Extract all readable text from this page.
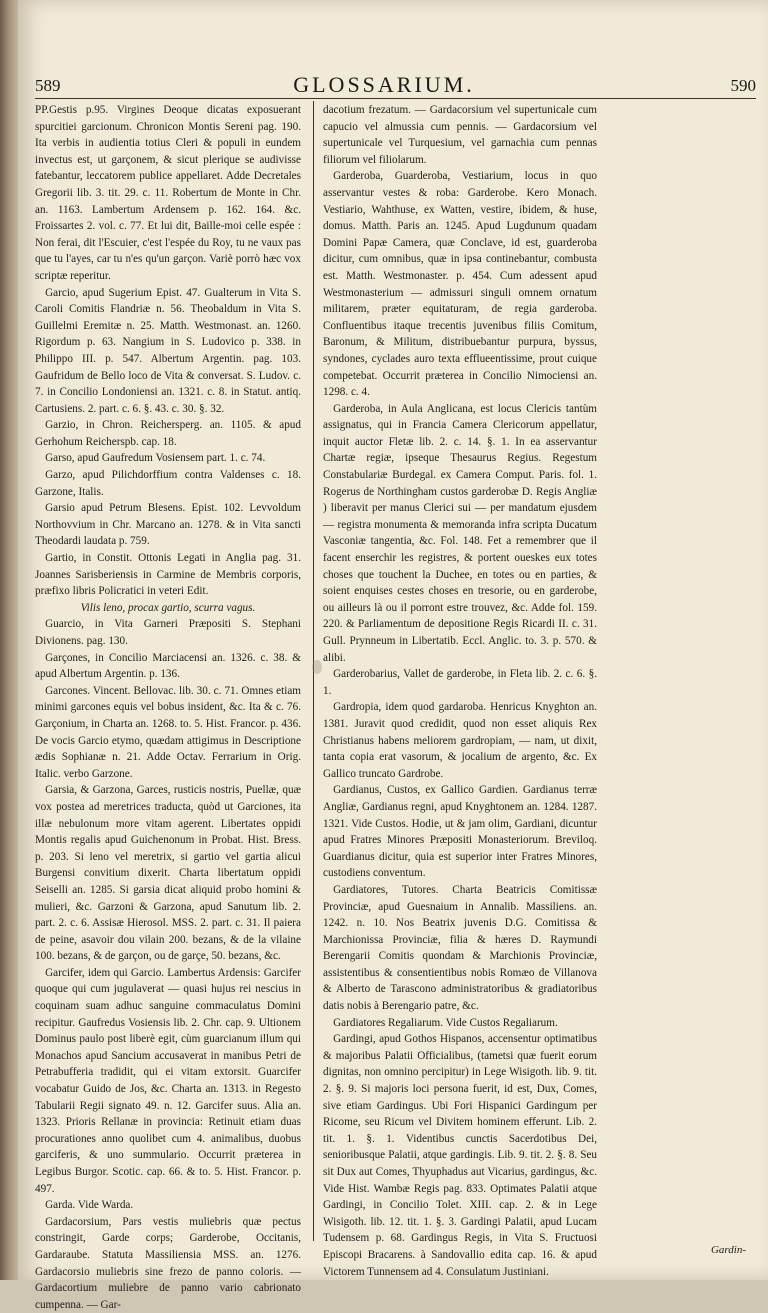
589	GLOSSARIUM.	590

PP.Gestis p.95. Virgines Deoque dicatas exposuerant spurcitiei garcionum. Chronicon Montis Sereni pag. 190. Ita verbis in audientia totius Cleri & populi in eundem invectus est, ut garçonem, & sicut plerique se audivisse fatebantur, leccatorem publice appellaret. Adde Decretales Gregorii lib. 3. tit. 29. c. 11. Robertum de Monte in Chr. an. 1163. Lambertum Ardensem p. 162. 164. &c. Froissartes 2. vol. c. 77. Et lui dit, Baille-moi celle espée : Non ferai, dit l'Escuier, c'est l'espée du Roy, tu ne vaux pas que tu l'ayes, car tu n'es qu'un garçon. Variè porrò hæc vox scriptæ reperitur.

Garcio, apud Sugerium Epist. 47. Gualterum in Vita S. Caroli Comitis Flandriæ n. 56. Theobaldum in Vita S. Guillelmi Eremitæ n. 25. Matth. Westmonast. an. 1260. Rigordum p. 63. Nangium in S. Ludovico p. 338. in Philippo III. p. 547. Albertum Argentin. pag. 103. Gaufridum de Bello loco de Vita & conversat. S. Ludov. c. 7. in Concilio Londoniensi an. 1321. c. 8. in Statut. antiq. Cartusiens. 2. part. c. 6. §. 43. c. 30. §. 32.

Garzio, in Chron. Reichersperg. an. 1105. & apud Gerhohum Reicherspb. cap. 18.

Garso, apud Gaufredum Vosiensem part. 1. c. 74.

Garzo, apud Pilichdorffium contra Valdenses c. 18. Garzone, Italis.

Garsio apud Petrum Blesens. Epist. 102. Levvoldum Northovvium in Chr. Marcano an. 1278. & in Vita sancti Theodardi laudata p. 759.

Gartio, in Constit. Ottonis Legati in Anglia pag. 31. Joannes Sarisberiensis in Carmine de Membris corporis, præfixo libris Policratici in veteri Edit.

Vilis leno, procax gartio, scurra vagus.

Guarcio, in Vita Garneri Præpositi S. Stephani Divionens. pag. 130.

Garçones, in Concilio Marciacensi an. 1326. c. 38. & apud Albertum Argentin. p. 136.

Garcones. Vincent. Bellovac. lib. 30. c. 71. Omnes etiam minimi garcones equis vel bobus insident, &c. Ita & c. 76. Garçonium, in Charta an. 1268. to. 5. Hist. Francor. p. 436. De vocis Garcio etymo, quædam attigimus in Descriptione ædis Sophianæ n. 21. Adde Octav. Ferrarium in Orig. Italic. verbo Garzone.

Garsia, & Garzona, Garces, rusticis nostris, Puellæ, quæ vox postea ad meretrices traducta, quòd ut Garciones, ita illæ nebulonum more vitam agerent. Libertates oppidi Montis regalis apud Guichenonum in Probat. Hist. Bress. p. 203. Si leno vel meretrix, si gartio vel gartia alicui Burgensi convitium dixerit. Charta libertatum oppidi Seiselli an. 1285. Si garsia dicat aliquid probo homini & mulieri, &c. Garzoni & Garzona, apud Sanutum lib. 2. part. 2. c. 6. Assisæ Hierosol. MSS. 2. part. c. 31. Il paiera de peine, asavoir dou vilain 200. bezans, & de la vilaine 100. bezans, & de garçon, ou de garçe, 50. bezans, &c.

Garcifer, idem qui Garcio. Lambertus Ardensis: Garcifer quoque qui cum jugulaverat — quasi hujus rei nescius in coquinam suam adhuc sanguine commaculatus Domini recipitur. Gaufredus Vosiensis lib. 2. Chr. cap. 9. Ultionem Dominus paulo post liberè egit, cùm guarcianum illum qui Monachos apud Sancium accusaverat in manibus Petri de Petrabufferia tradidit, qui ei vitam extorsit. Guarcifer vocabatur Guido de Jos, &c. Charta an. 1313. in Regesto Tabularii Regii signato 49. n. 12. Garcifer suus. Alia an. 1323. Prioris Rellanæ in provincia: Retinuit etiam duas procurationes anno quolibet cum 4. animalibus, duobus garciferis, & uno summulario. Occurrit præterea in Legibus Burgor. Scotic. cap. 66. & to. 5. Hist. Francor. p. 497.

Garda. Vide Warda.

Gardacorsium, Pars vestis muliebris quæ pectus constringit, Garde corps; Garderobe, Occitanis, Gardaraube. Statuta Massiliensia MSS. an. 1276. Gardacorsio muliebris sine frezo de panno coloris. — Gardacortium muliebre de panno vario cabrionato cumpenna. — Gar-

dacotium frezatum. — Gardacorsium vel supertunicale cum capucio vel almussia cum pennis. — Gardacorsium vel supertunicale vel Turquesium, vel garnachia cum pennas filiorum vel filiolarum.

Garderoba, Guarderoba, Vestiarium, locus in quo asservantur vestes & roba: Garderobe. Kero Monach. Vestiario, Wahthuse, ex Watten, vestire, ibidem, & huse, domus. Matth. Paris an. 1245. Apud Lugdunum quadam Domini Papæ Camera, quæ Conclave, id est, guarderoba dicitur, cum omnibus, quæ in ipsa continebantur, combusta est. Matth. Westmonaster. p. 454. Cum adessent apud Westmonasterium — admissuri singuli omnem ornatum militarem, præter equitaturam, de regia garderoba. Confluentibus itaque trecentis juvenibus filiis Comitum, Baronum, & Militum, distribuebantur purpura, byssus, syndones, cyclades auro texta efflueentissime, prout cuique competebat. Occurrit præterea in Concilio Nimociensi an. 1298. c. 4.

Garderoba, in Aula Anglicana, est locus Clericis tantùm assignatus, qui in Francia Camera Clericorum appellatur, inquit auctor Fletæ lib. 2. c. 14. §. 1. In ea asservantur Chartæ regiæ, ipseque Thesaurus Regius. Regestum Constabulariæ Burdegal. ex Camera Comput. Paris. fol. 1. Rogerus de Northingham custos garderobæ D. Regis Angliæ ) liberavit per manus Clerici sui — per mandatum ejusdem — registra monumenta & memoranda infra scripta Ducatum Vasconiæ tangentia, &c. Fol. 148. Fet a remembrer que il facent enserchir les registres, & portent oueskes eux totes choses que touchent la Duchee, en totes ou en parties, & soient enquises cestes choses en tresorie, ou en garderobe, ou ailleurs là ou il porront estre trouvez, &c. Adde fol. 159. 220. & Parliamentum de depositione Regis Ricardi II. c. 31. Gull. Prynneum in Libertatib. Eccl. Anglic. to. 3. p. 570. & alibi.

Garderobarius, Vallet de garderobe, in Fleta lib. 2. c. 6. §. 1.

Gardropia, idem quod gardaroba. Henricus Knyghton an. 1381. Juravit quod credidit, quod non esset aliquis Rex Christianus habens meliorem gardropiam, — nam, ut dixit, tanta copia erat vasorum, & jocalium de argento, &c. Ex Gallico truncato Gardrobe.

Gardianus, Custos, ex Gallico Gardien. Gardianus terræ Angliæ, Gardianus regni, apud Knyghtonem an. 1284. 1287. 1321. Vide Custos. Hodie, ut & jam olim, Gardiani, dicuntur apud Fratres Minores Præpositi Monasteriorum. Breviloq. Guardianus dicitur, quia est superior inter Fratres Minores, custodiens conventum.

Gardiatores, Tutores. Charta Beatricis Comitissæ Provinciæ, apud Guesnaium in Annalib. Massiliens. an. 1242. n. 10. Nos Beatrix juvenis D.G. Comitissa & Marchionissa Provinciæ, filia & hæres D. Raymundi Berengarii Comitis quondam & Marchionis Provinciæ, assistentibus & consentientibus nobis Romæo de Villanova & Alberto de Tarascono administratoribus & gradiatoribus datis nobis à Berengario patre, &c.

Gardiatores Regaliarum. Vide Custos Regaliarum.

Gardingi, apud Gothos Hispanos, accensentur optimatibus & majoribus Palatii Officialibus, (tametsi quæ fuerit eorum dignitas, non omnino percipitur) in Lege Wisigoth. lib. 9. tit. 2. §. 9. Si majoris loci persona fuerit, id est, Dux, Comes, sive etiam Gardingus. Ubi Fori Hispanici Gardingum per Ricome, seu Ricum vel Divitem hominem efferunt. Lib. 2. tit. 1. §. 1. Videntibus cunctis Sacerdotibus Dei, senioribusque Palatii, atque gardingis. Lib. 9. tit. 2. §. 8. Seu sit Dux aut Comes, Thyuphadus aut Vicarius, gardingus, &c. Vide Hist. Wambæ Regis pag. 833. Optimates Palatii atque Gardingi, in Concilio Tolet. XIII. cap. 2. & in Lege Wisigoth. lib. 12. tit. 1. §. 3. Gardingi Palatii, apud Lucam Tudensem p. 68. Gardingus Regis, in Vita S. Fructuosi Episcopi Bracarens. à Sandovallio edita cap. 16. & apud Victorem Tunnensem ad 4. Consulatum Justiniani.

Gardin-
